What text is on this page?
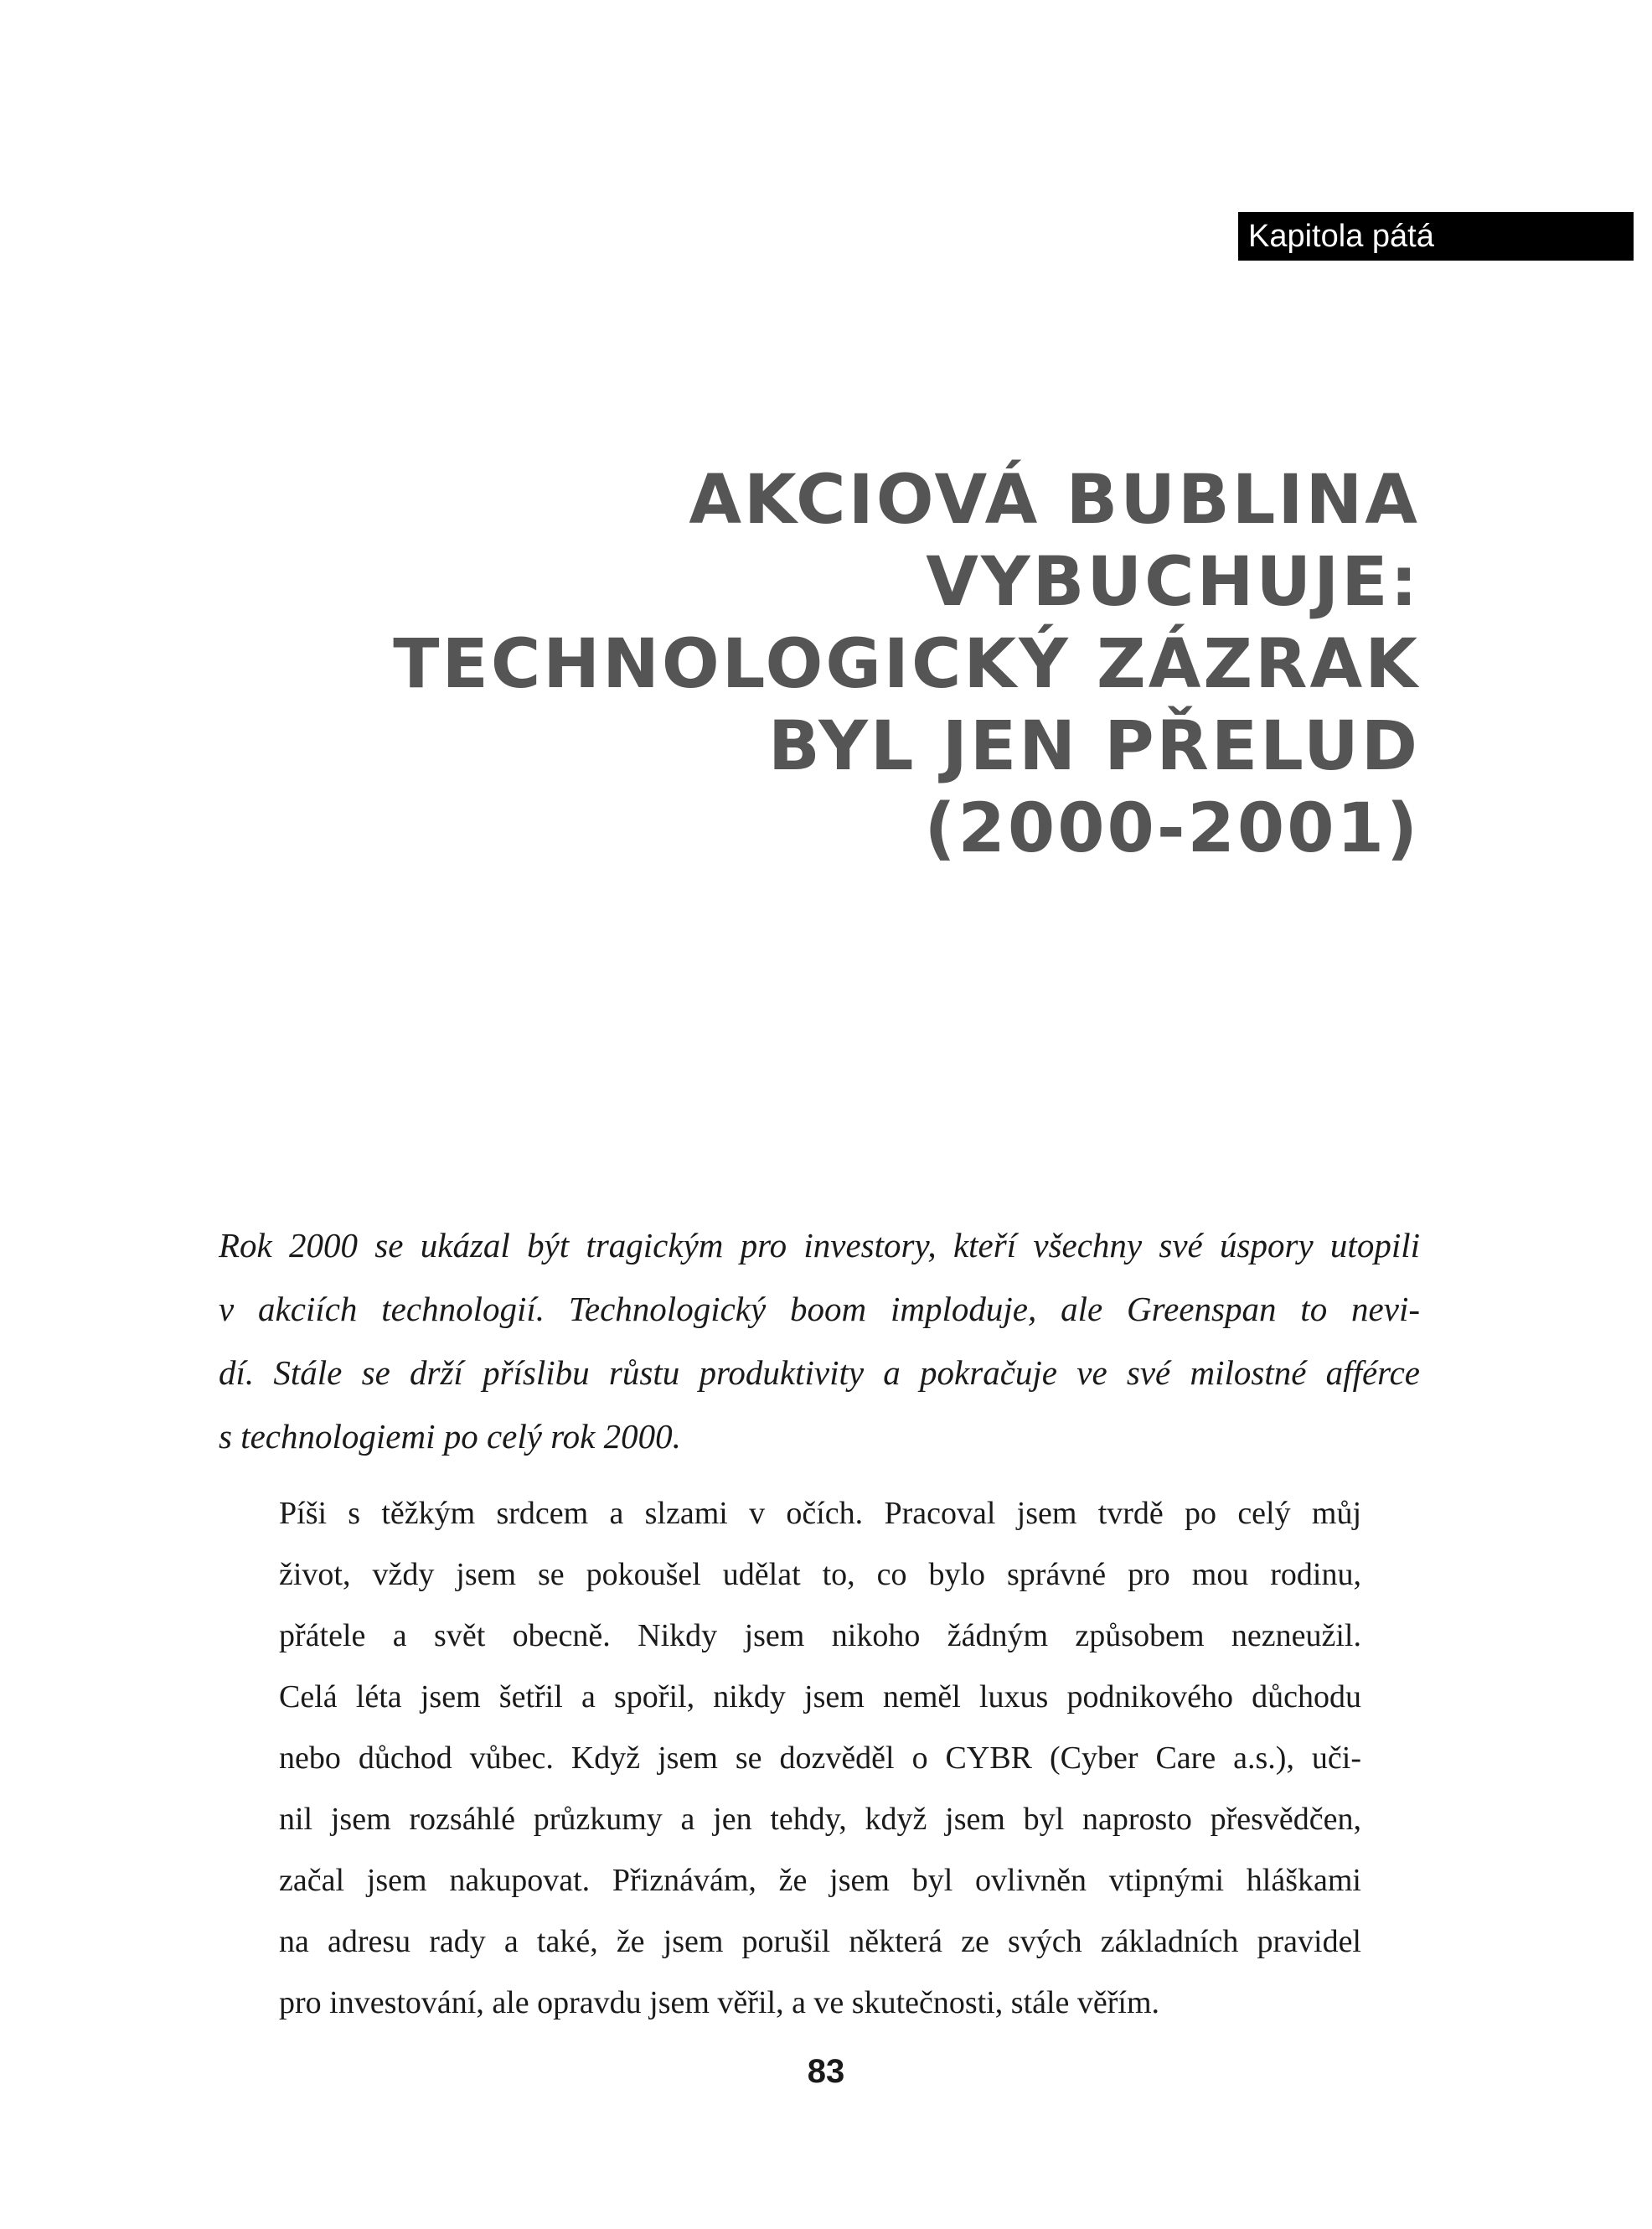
Kapitola pátá
AKCIOVÁ BUBLINA
VYBUCHUJE:
TECHNOLOGICKÝ ZÁZRAK
BYL JEN PŘELUD
(2000-2001)

Rok 2000 se ukázal být tragickým pro investory, kteří všechny své úspory utopili
v akciích technologií. Technologický boom imploduje, ale Greenspan to nevi-
dí. Stále se drží příslibu růstu produktivity a pokračuje ve své milostné afférce
s technologiemi po celý rok 2000.

Píši s těžkým srdcem a slzami v očích. Pracoval jsem tvrdě po celý můj
život, vždy jsem se pokoušel udělat to, co bylo správné pro mou rodinu,
přátele a svět obecně. Nikdy jsem nikoho žádným způsobem nezneužil.
Celá léta jsem šetřil a spořil, nikdy jsem neměl luxus podnikového důchodu
nebo důchod vůbec. Když jsem se dozvěděl o CYBR (Cyber Care a.s.), uči-
nil jsem rozsáhlé průzkumy a jen tehdy, když jsem byl naprosto přesvědčen,
začal jsem nakupovat. Přiznávám, že jsem byl ovlivněn vtipnými hláškami
na adresu rady a také, že jsem porušil některá ze svých základních pravidel
pro investování, ale opravdu jsem věřil, a ve skutečnosti, stále věřím.
83
